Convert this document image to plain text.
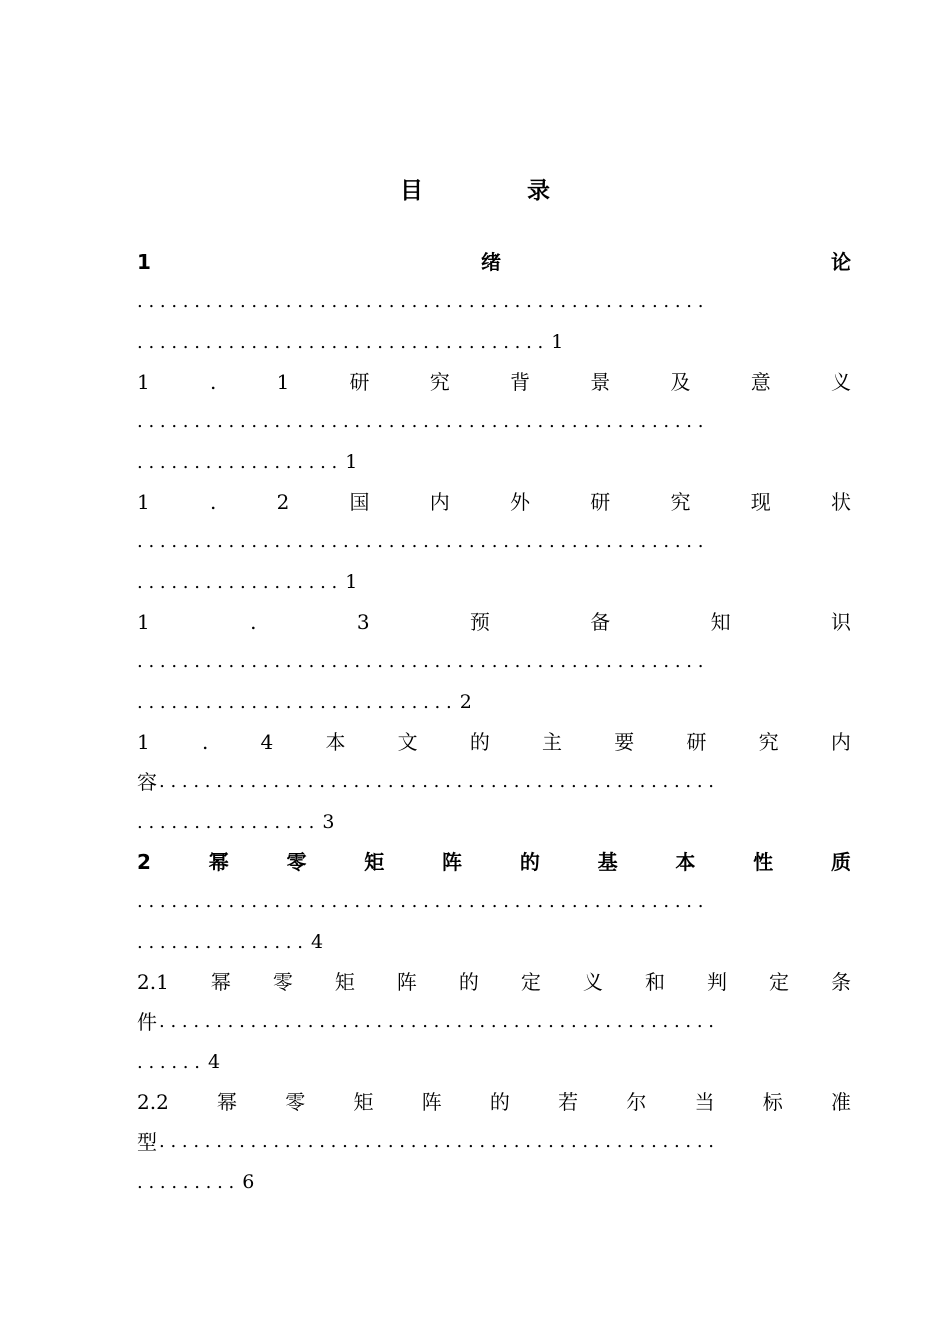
目 录
1	绪	论
. . . . . . . . . . . . . . . . . . . . . . . . . . . . . . . . . . . . . . . . . . . . . . . . . .
. . . . . . . . . . . . . . . . . . . . . . . . . . . . . . . . . . . . 1
1	.	1	研	究	背	景	及	意	义
. . . . . . . . . . . . . . . . . . . . . . . . . . . . . . . . . . . . . . . . . . . . . . . . . .
. . . . . . . . . . . . . . . . . . 1
1	.	2	国	内	外	研	究	现	状
. . . . . . . . . . . . . . . . . . . . . . . . . . . . . . . . . . . . . . . . . . . . . . . . . .
. . . . . . . . . . . . . . . . . . 1
1	.	3	预	备	知	识
. . . . . . . . . . . . . . . . . . . . . . . . . . . . . . . . . . . . . . . . . . . . . . . . . .
. . . . . . . . . . . . . . . . . . . . . . . . . . . . 2
1	.	4	本	文	的	主	要	研	究	内
容 . . . . . . . . . . . . . . . . . . . . . . . . . . . . . . . . . . . . . . . . . . . . . . . . .
. . . . . . . . . . . . . . . . 3
2	幂	零	矩	阵	的	基	本	性	质
. . . . . . . . . . . . . . . . . . . . . . . . . . . . . . . . . . . . . . . . . . . . . . . . . .
. . . . . . . . . . . . . . . 4
2.1 幂 零 矩 阵 的 定 义 和 判 定 条
件 . . . . . . . . . . . . . . . . . . . . . . . . . . . . . . . . . . . . . . . . . . . . . . . . .
. . . . . . 4
2.2 幂 零 矩 阵 的 若 尔 当 标 准
型 . . . . . . . . . . . . . . . . . . . . . . . . . . . . . . . . . . . . . . . . . . . . . . . . .
. . . . . . . . . 6
